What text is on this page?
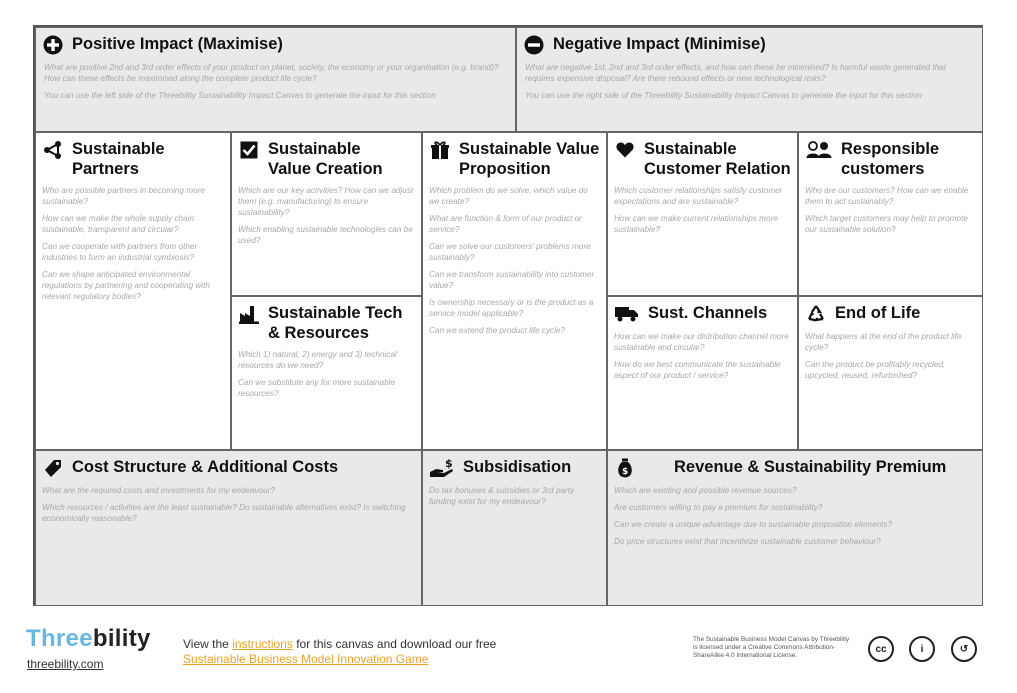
Positive Impact (Maximise)

What are positive 2nd and 3rd order effects of your product on planet, society, the economy or your organisation (e.g. brand)? How can these effects be maximised along the complete product life cycle?

You can use the left side of the Threebility Sustainability Impact Canvas to generate the input for this section

Negative Impact (Minimise)

What are negative 1st, 2nd and 3rd order effects, and how can these be minimised? Is harmful waste generated that requires expensive disposal? Are there rebound effects or new technological risks?

You can use the right side of the Threebility Sustainability Impact Canvas to generate the input for this section

Sustainable
Partners

Who are possible partners in becoming more sustainable?

How can we make the whole supply chain sustainable, transparent and circular?

Can we cooperate with partners from other industries to form an industrial symbiosis?

Can we shape anticipated environmental regulations by partnering and cooperating with relevant regulatory bodies?

Sustainable
Value Creation

Which are our key activities? How can we adjust them (e.g. manufacturing) to ensure sustainability?

Which enabling sustainable technologies can be used?

Sustainable Tech
& Resources

Which 1) natural, 2) energy and 3) technical resources do we need?

Can we substitute any for more sustainable resources?

Sustainable Value
Proposition

Which problem do we solve, which value do we create?

What are function & form of our product or service?

Can we solve our customers' problems more sustainably?

Can we transform sustainability into customer value?

Is ownership necessary or is the product as a service model applicable?

Can we extend the product life cycle?

Sustainable
Customer Relation

Which customer relationships satisfy customer expectations and are sustainable?

How can we make current relationships more sustainable?

Sust. Channels

How can we make our distribution channel more sustainable and circular?

How do we best communicate the sustainable aspect of our product / service?

Responsible
customers

Who are our customers? How can we enable them to act sustainably?

Which target customers may help to promote our sustainable solution?

End of Life

What happens at the end of the product life cycle?

Can the product be profitably recycled, upcycled, reused, refurbished?

Cost Structure & Additional Costs

What are the required costs and investments for my endeavour?

Which resources / activities are the least sustainable? Do sustainable alternatives exist? Is switching economically reasonable?

$ Subsidisation

Do tax bonuses & subsidies or 3rd party funding exist for my endeavour?

$	Revenue & Sustainability Premium

Which are existing and possible revenue sources?

Are customers willing to pay a premium for sustainability?

Can we create a unique advantage due to sustainable proposition elements?

Do price structures exist that incentivize sustainable customer behaviour?

Threebility
threebility.com
View the instructions for this canvas and download our free Sustainable Business Model Innovation Game
The Sustainable Business Model Canvas by Threebility is licensed under a Creative Commons Attribution-ShareAlike 4.0 International License.
cc	i	↺
